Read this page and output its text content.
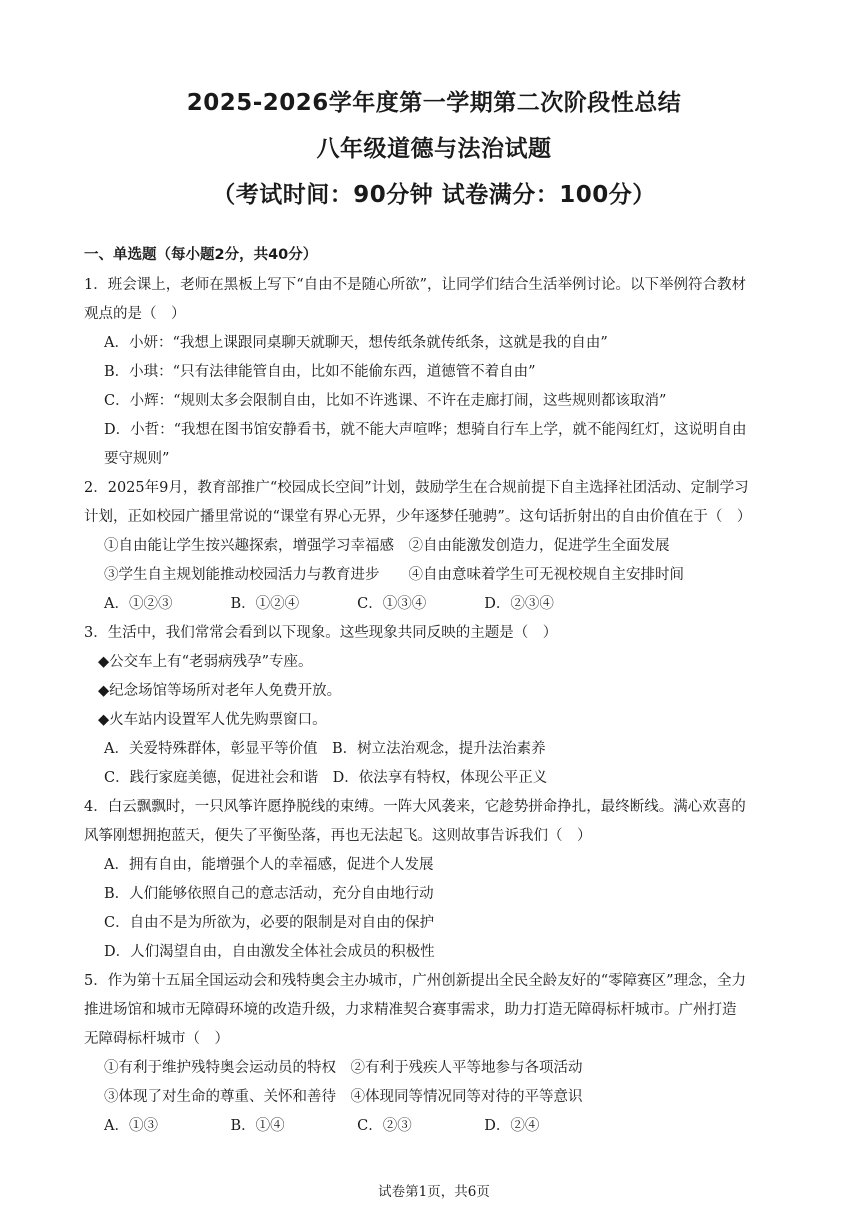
2025-2026学年度第一学期第二次阶段性总结
八年级道德与法治试题
（考试时间：90分钟 试卷满分：100分）
一、单选题（每小题2分，共40分）
1．班会课上，老师在黑板上写下“自由不是随心所欲”，让同学们结合生活举例讨论。以下举例符合教材
观点的是（　）
A．小妍：“我想上课跟同桌聊天就聊天，想传纸条就传纸条，这就是我的自由”
B．小琪：“只有法律能管自由，比如不能偷东西，道德管不着自由”
C．小辉：“规则太多会限制自由，比如不许逃课、不许在走廊打闹，这些规则都该取消”
D．小哲：“我想在图书馆安静看书，就不能大声喧哗；想骑自行车上学，就不能闯红灯，这说明自由
要守规则”
2．2025年9月，教育部推广“校园成长空间”计划，鼓励学生在合规前提下自主选择社团活动、定制学习
计划，正如校园广播里常说的“课堂有界心无界，少年逐梦任驰骋”。这句话折射出的自由价值在于（　）
①自由能让学生按兴趣探索，增强学习幸福感　②自由能激发创造力，促进学生全面发展
③学生自主规划能推动校园活力与教育进步　　④自由意味着学生可无视校规自主安排时间
A．①②③　　　　B．①②④　　　　C．①③④　　　　D．②③④
3．生活中，我们常常会看到以下现象。这些现象共同反映的主题是（　）
◆公交车上有“老弱病残孕”专座。
◆纪念场馆等场所对老年人免费开放。
◆火车站内设置军人优先购票窗口。
A．关爱特殊群体，彰显平等价值　B．树立法治观念，提升法治素养
C．践行家庭美德，促进社会和谐　D．依法享有特权，体现公平正义
4．白云飘飘时，一只风筝许愿挣脱线的束缚。一阵大风袭来，它趁势拼命挣扎，最终断线。满心欢喜的
风筝刚想拥抱蓝天，便失了平衡坠落，再也无法起飞。这则故事告诉我们（　）
A．拥有自由，能增强个人的幸福感，促进个人发展
B．人们能够依照自己的意志活动，充分自由地行动
C．自由不是为所欲为，必要的限制是对自由的保护
D．人们渴望自由，自由激发全体社会成员的积极性
5．作为第十五届全国运动会和残特奥会主办城市，广州创新提出全民全龄友好的“零障赛区”理念，全力
推进场馆和城市无障碍环境的改造升级，力求精准契合赛事需求，助力打造无障碍标杆城市。广州打造
无障碍标杆城市（　）
①有利于维护残特奥会运动员的特权　②有利于残疾人平等地参与各项活动
③体现了对生命的尊重、关怀和善待　④体现同等情况同等对待的平等意识
A．①③　　　　　B．①④　　　　　C．②③　　　　　D．②④
试卷第1页，共6页
